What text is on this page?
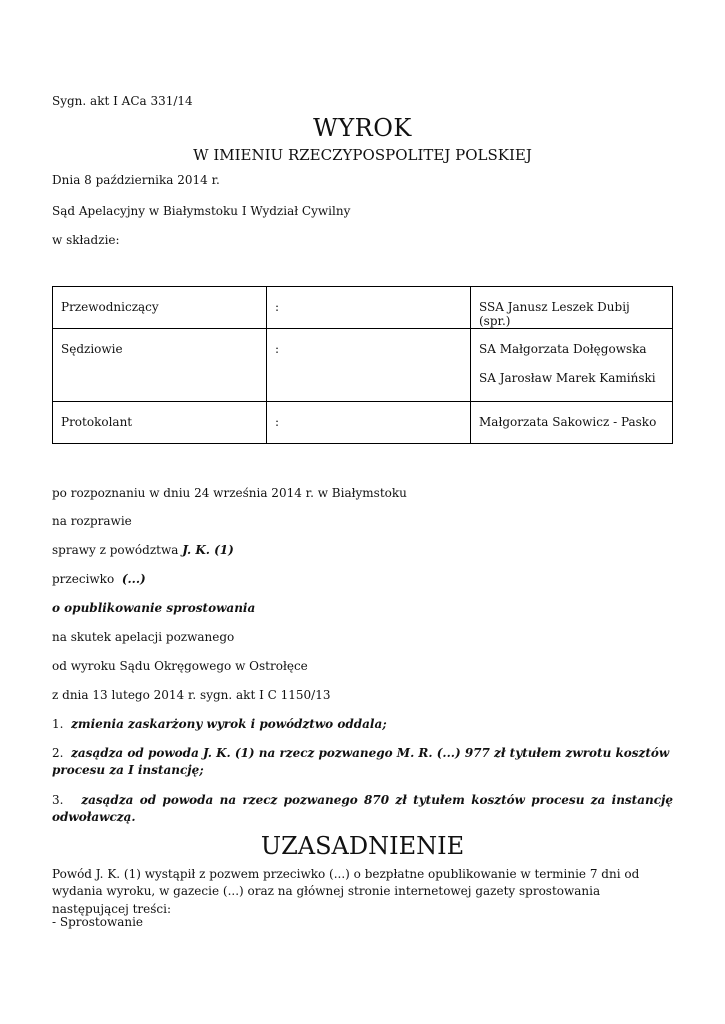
Sygn. akt I ACa 331/14
WYROK
W IMIENIU RZECZYPOSPOLITEJ POLSKIEJ
Dnia 8 października 2014 r.
Sąd Apelacyjny w Białymstoku I Wydział Cywilny
w składzie:
Przewodniczący	:	SSA Janusz Leszek Dubij (spr.)

Sędziowie	:	SA Małgorzata Dołęgowska
SA Jarosław Marek Kamiński

Protokolant	:	Małgorzata Sakowicz - Pasko
po rozpoznaniu w dniu 24 września 2014 r. w Białymstoku
na rozprawie
sprawy z powództwa J. K. (1)
przeciwko (...)
o opublikowanie sprostowania
na skutek apelacji pozwanego
od wyroku Sądu Okręgowego w Ostrołęce
z dnia 13 lutego 2014 r. sygn. akt I C 1150/13
1. zmienia zaskarżony wyrok i powództwo oddala;
2. zasądza od powoda J. K. (1) na rzecz pozwanego M. R. (...) 977 zł tytułem zwrotu kosztów procesu za I instancję;
3. zasądza od powoda na rzecz pozwanego 870 zł tytułem kosztów procesu za instancję odwoławczą.
UZASADNIENIE
Powód J. K. (1) wystąpił z pozwem przeciwko (...) o bezpłatne opublikowanie w terminie 7 dni od wydania wyroku, w gazecie (...) oraz na głównej stronie internetowej gazety sprostowania następującej treści:
- Sprostowanie
